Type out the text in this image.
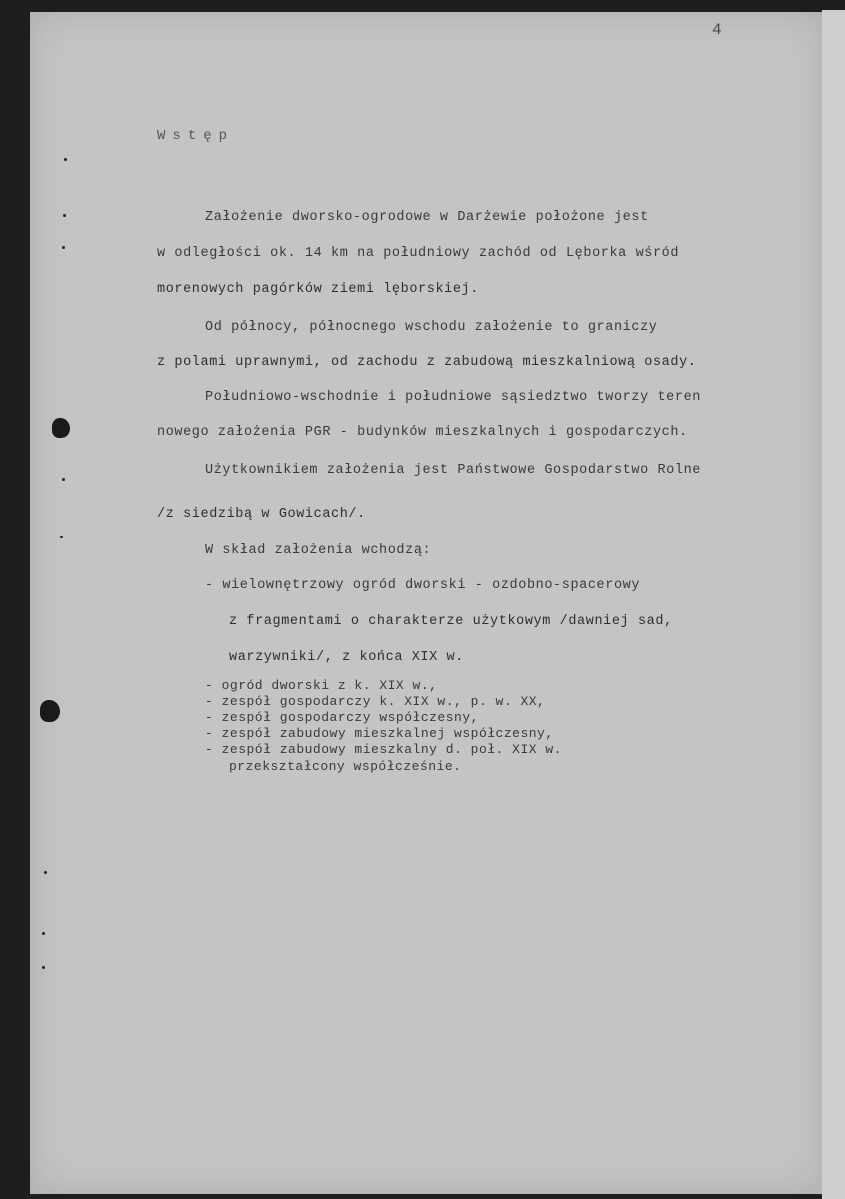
4
Wstęp
Założenie dworsko-ogrodowe w Darżewie położone jest
w odległości ok. 14 km na południowy zachód od Lęborka wśród
morenowych pagórków ziemi lęborskiej.
Od północy, północnego wschodu założenie to graniczy
z polami uprawnymi, od zachodu z zabudową mieszkalniową osady.
Południowo-wschodnie i południowe sąsiedztwo tworzy teren
nowego założenia PGR - budynków mieszkalnych i gospodarczych.
Użytkownikiem założenia jest Państwowe Gospodarstwo Rolne
/z siedzibą w Gowicach/.
W skład założenia wchodzą:
- wielownętrzowy ogród dworski - ozdobno-spacerowy
z fragmentami o charakterze użytkowym /dawniej sad,
warzywniki/, z końca XIX w.
- ogród dworski z k. XIX w.,
- zespół gospodarczy k. XIX w., p. w. XX,
- zespół gospodarczy współczesny,
- zespół zabudowy mieszkalnej współczesny,
- zespół zabudowy mieszkalny d. poł. XIX w.
przekształcony współcześnie.
